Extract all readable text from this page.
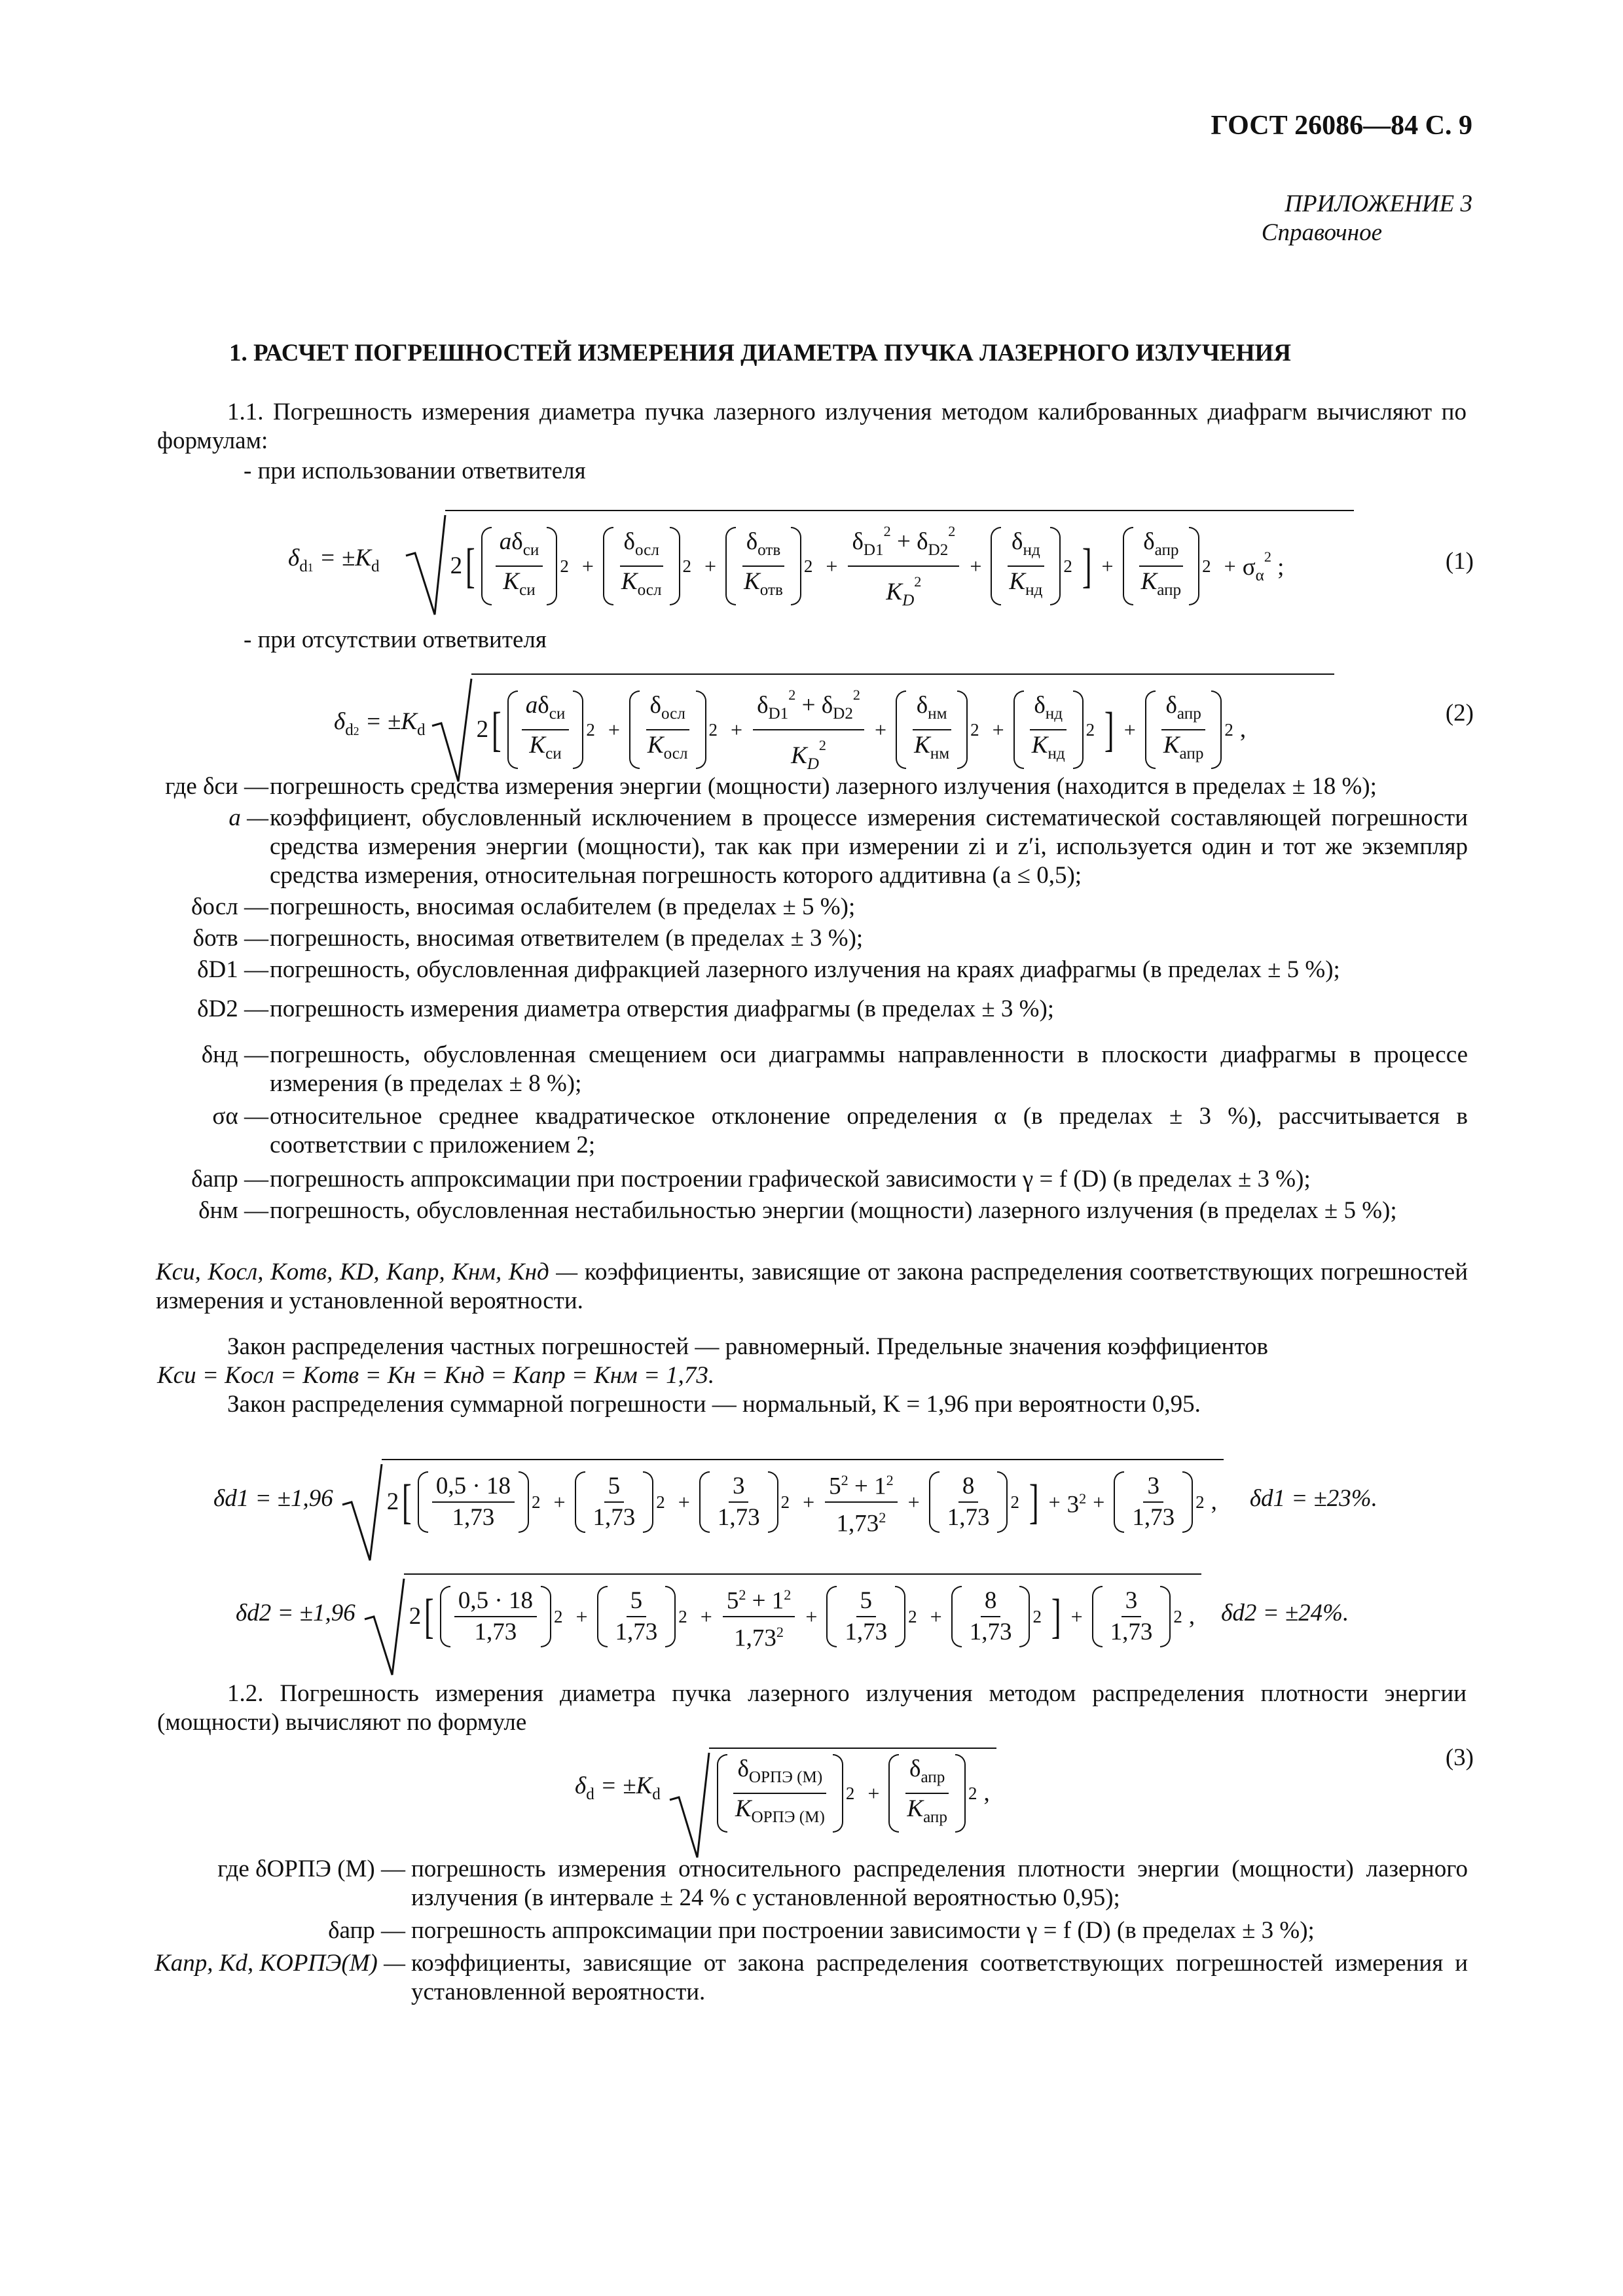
ГОСТ 26086—84 С. 9
ПРИЛОЖЕНИЕ 3
Справочное
1. РАСЧЕТ ПОГРЕШНОСТЕЙ ИЗМЕРЕНИЯ ДИАМЕТРА ПУЧКА ЛАЗЕРНОГО ИЗЛУЧЕНИЯ

1.1. Погрешность измерения диаметра пучка лазерного излучения методом калиброванных диафрагм вычисляют по формулам:

- при использовании ответвителя
$\delta_{d1} = \pm K_d$	2 [ $\frac{a\delta_{си}}{K_{си}} 2 + \frac{\delta_{осл}}{K_{осл}} 2 + \frac{\delta_{отв}}{K_{отв}} 2 + \frac{\delta_{D1}^2 + \delta_{D2}^2}{K_D^2} + \frac{\delta_{нд}}{K_{нд}} 2$ ] + $\frac{\delta_{апр}}{K_{апр}} 2 + \sigma_\alpha^2$ ;	(1)
- при отсутствии ответвителя
$\delta_{d2} = \pm K_d$ 2 [ $\frac{a\delta_{си}}{K_{си}} 2 + \frac{\delta_{осл}}{K_{осл}} 2 + \frac{\delta_{D1}^2 + \delta_{D2}^2}{K_D^2} + \frac{\delta_{нм}}{K_{нм}} 2 + \frac{\delta_{нд}}{K_{нд}} 2$ ] + $\frac{\delta_{апр}}{K_{апр}} 2$ ,
(2)
где δси — погрешность средства измерения энергии (мощности) лазерного излучения (находится в пределах ± 18 %);
a — коэффициент, обусловленный исключением в процессе измерения систематической составляющей погрешности средства измерения энергии (мощности), так как при измерении zi и z′i, используется один и тот же экземпляр средства измерения, относительная погрешность которого аддитивна (a ≤ 0,5);
δосл — погрешность, вносимая ослабителем (в пределах ± 5 %);
δотв — погрешность, вносимая ответвителем (в пределах ± 3 %);
δD1 — погрешность, обусловленная дифракцией лазерного излучения на краях диафрагмы (в пределах ± 5 %);
δD2 — погрешность измерения диаметра отверстия диафрагмы (в пределах ± 3 %);
δнд — погрешность, обусловленная смещением оси диаграммы направленности в плоскости диафрагмы в процессе измерения (в пределах ± 8 %);
σα — относительное среднее квадратическое отклонение определения α (в пределах ± 3 %), рассчитывается в соответствии с приложением 2;
δапр — погрешность аппроксимации при построении графической зависимости γ = f (D) (в пределах ± 3 %);
δнм — погрешность, обусловленная нестабильностью энергии (мощности) лазерного излучения (в пределах ± 5 %);
Kси, Kосл, Kотв, KD, Kапр, Kнм, Kнд — коэффициенты, зависящие от закона распределения соответствующих погрешностей измерения и установленной вероятности.

Закон распределения частных погрешностей — равномерный. Предельные значения коэффициентов

Kси = Kосл = Kотв = Kн = Kнд = Kапр = Kнм = 1,73.

Закон распределения суммарной погрешности — нормальный, K = 1,96 при вероятности 0,95.

δd1 = ±1,96 2 [ $\frac{0,5 \cdot 18}{1,73} 2 + \frac{5}{1,73} 2 + \frac{3}{1,73} 2 + \frac{5^2 + 1^2}{1,73^2} + \frac{8}{1,73} 2$ ] + $3^2 + \frac{3}{1,73} 2$ , δd1 = ±23%.
δd2 = ±1,96 2 [ $\frac{0,5 \cdot 18}{1,73} 2 + \frac{5}{1,73} 2 + \frac{5^2 + 1^2}{1,73^2} + \frac{5}{1,73} 2 + \frac{8}{1,73} 2$ ] + $\frac{3}{1,73} 2$ , δd2 = ±24%.

1.2. Погрешность измерения диаметра пучка лазерного излучения методом распределения плотности энергии (мощности) вычисляют по формуле

$\delta_d = \pm K_d$	$\frac{\delta_{ОРПЭ (М)}}{K_{ОРПЭ (М)}} 2 + \frac{\delta_{апр}}{K_{апр}} 2$ ,
(3)
где δОРПЭ (М) — погрешность измерения относительного распределения плотности энергии (мощности) лазерного излучения (в интервале ± 24 % с установленной вероятностью 0,95);
δапр — погрешность аппроксимации при построении зависимости γ = f (D) (в пределах ± 3 %);
Kапр, Kd, KОРПЭ(М) — коэффициенты, зависящие от закона распределения соответствующих погрешностей измерения и установленной вероятности.
